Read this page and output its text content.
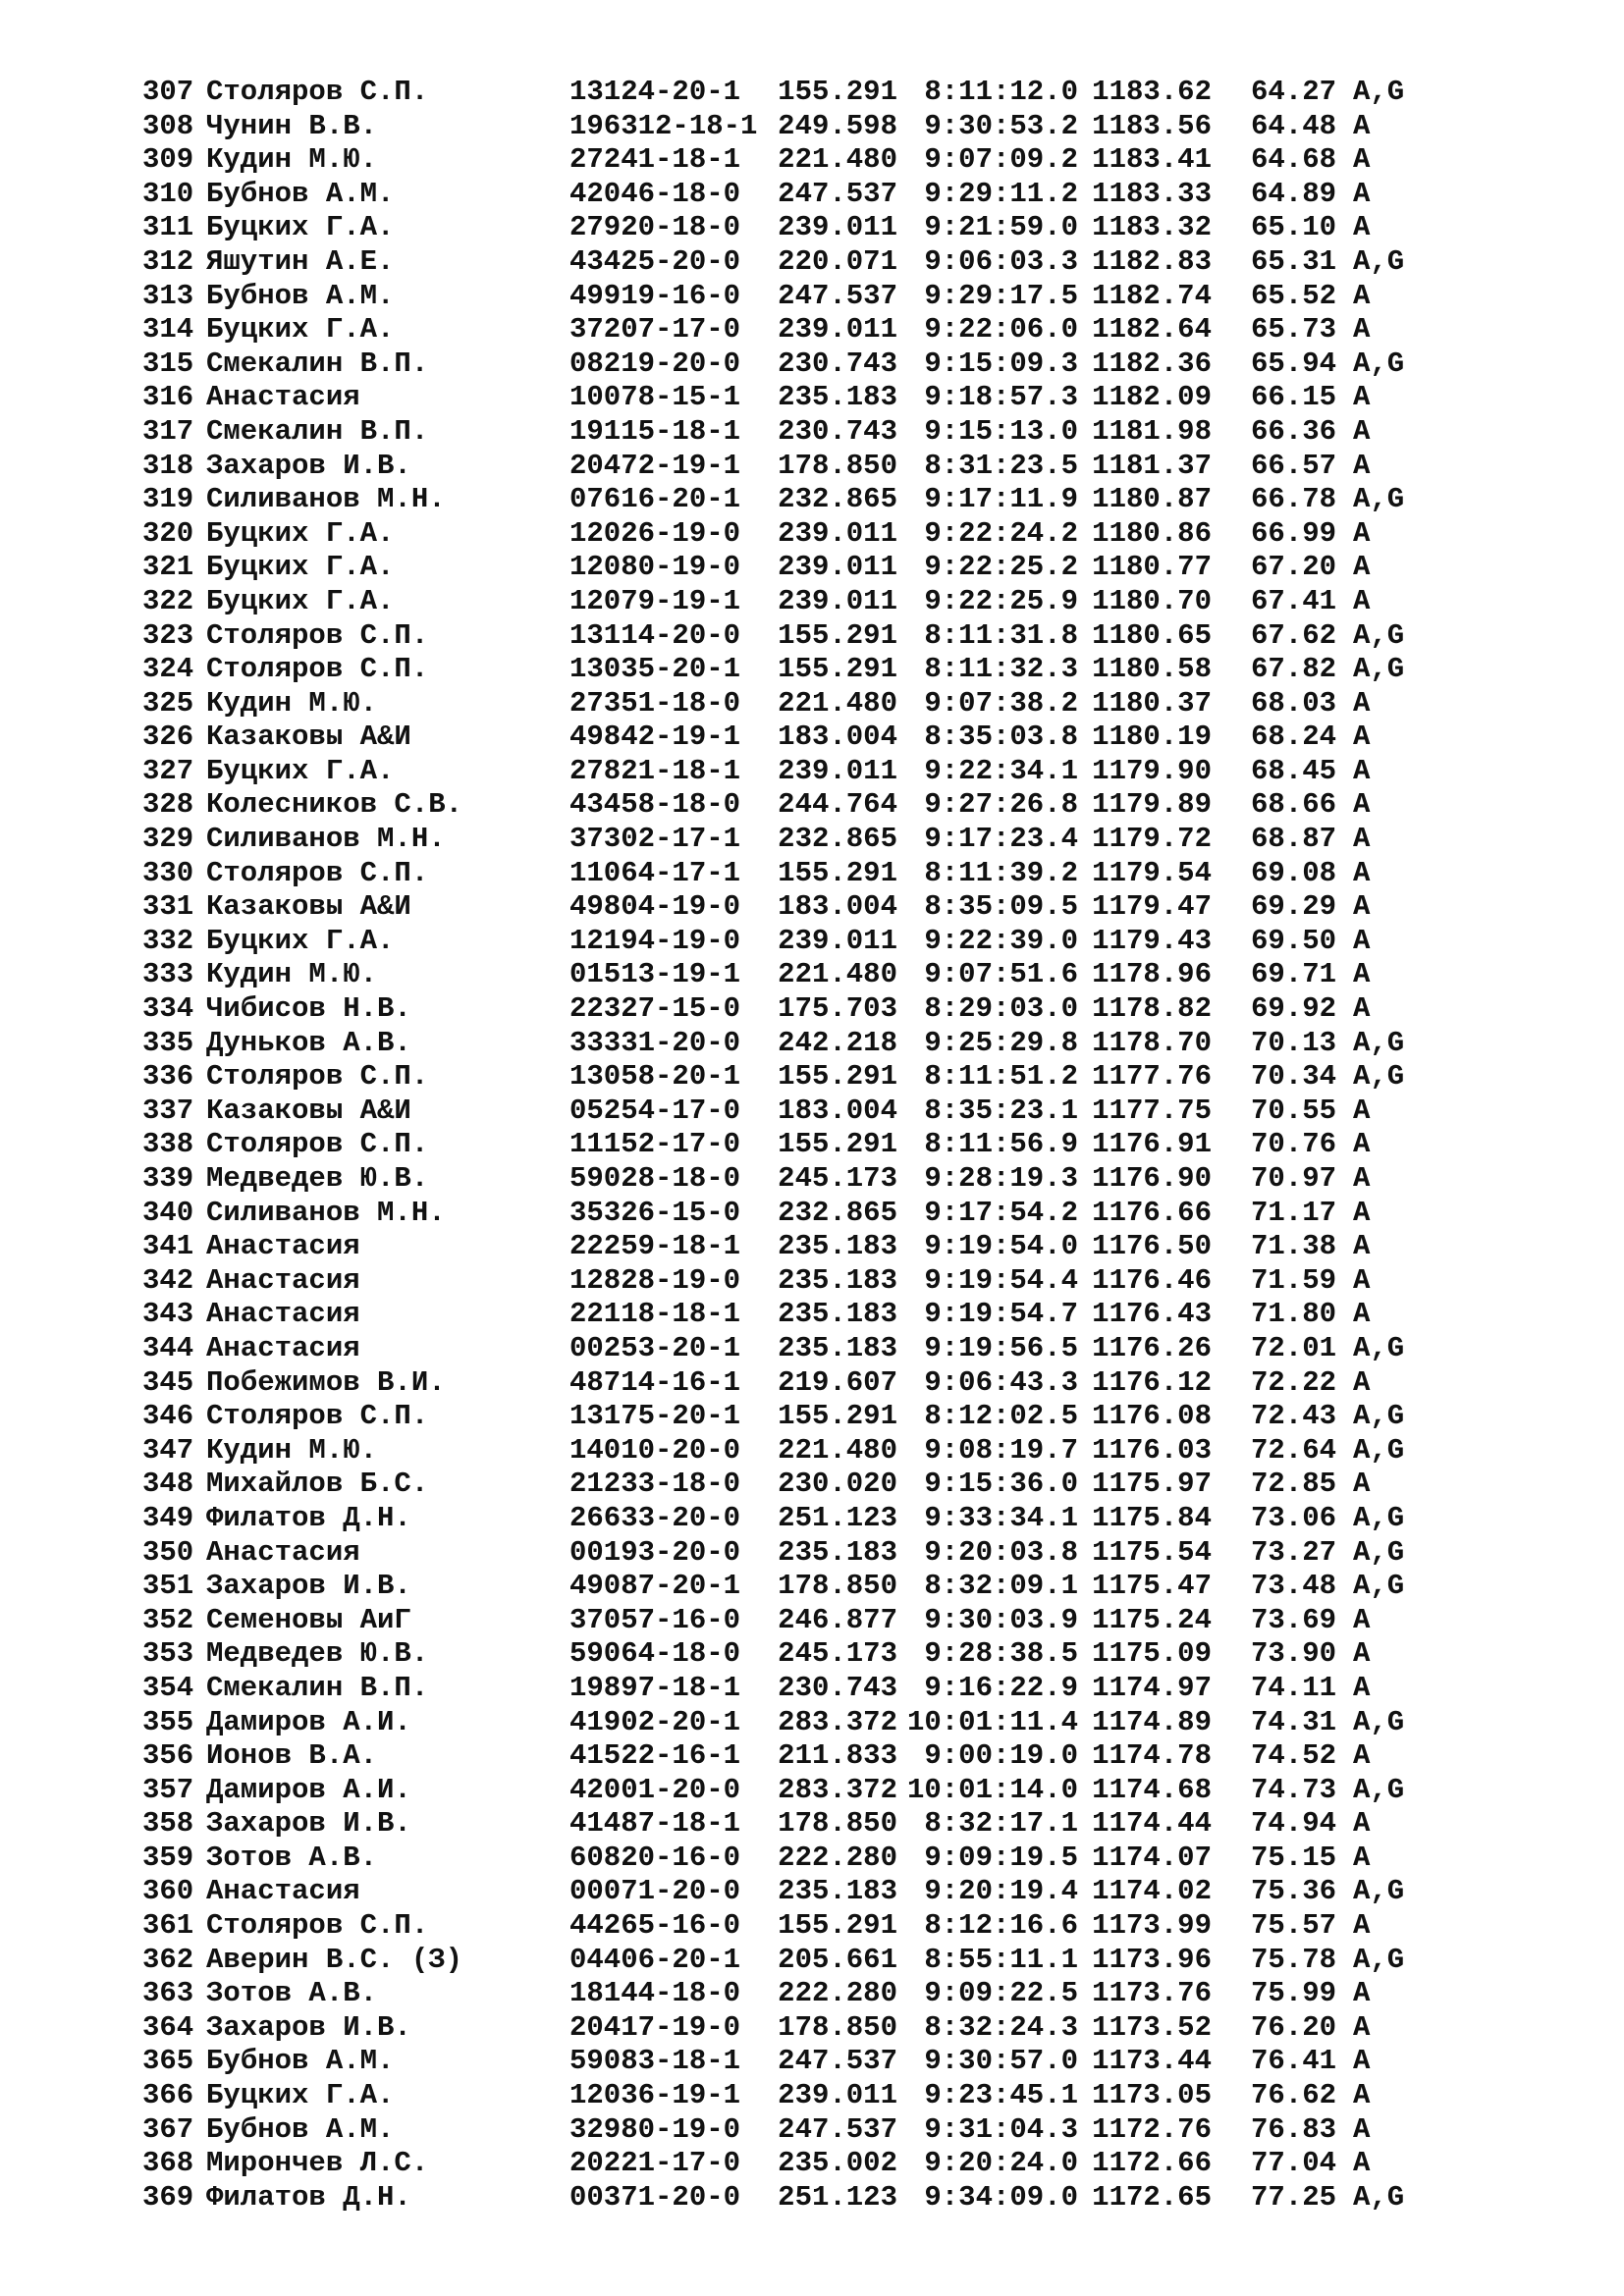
307 Столяров С.П.	13124-20-1 155.291 8:11:12.0 1183.62 64.27 A,G
308 Чунин В.В.	196312-18-1 249.598 9:30:53.2 1183.56 64.48 A
309 Кудин М.Ю.	27241-18-1 221.480 9:07:09.2 1183.41 64.68 A
310 Бубнов А.М.	42046-18-0 247.537 9:29:11.2 1183.33 64.89 A
311 Буцких Г.А.	27920-18-0 239.011 9:21:59.0 1183.32 65.10 A
312 Яшутин А.Е.	43425-20-0 220.071 9:06:03.3 1182.83 65.31 A,G
313 Бубнов А.М.	49919-16-0 247.537 9:29:17.5 1182.74 65.52 A
314 Буцких Г.А.	37207-17-0 239.011 9:22:06.0 1182.64 65.73 A
315 Смекалин В.П.	08219-20-0 230.743 9:15:09.3 1182.36 65.94 A,G
316 Анастасия	10078-15-1 235.183 9:18:57.3 1182.09 66.15 A
317 Смекалин В.П.	19115-18-1 230.743 9:15:13.0 1181.98 66.36 A
318 Захаров И.В.	20472-19-1 178.850 8:31:23.5 1181.37 66.57 A
319 Силиванов М.Н.	07616-20-1 232.865 9:17:11.9 1180.87 66.78 A,G
320 Буцких Г.А.	12026-19-0 239.011 9:22:24.2 1180.86 66.99 A
321 Буцких Г.А.	12080-19-0 239.011 9:22:25.2 1180.77 67.20 A
322 Буцких Г.А.	12079-19-1 239.011 9:22:25.9 1180.70 67.41 A
323 Столяров С.П.	13114-20-0 155.291 8:11:31.8 1180.65 67.62 A,G
324 Столяров С.П.	13035-20-1 155.291 8:11:32.3 1180.58 67.82 A,G
325 Кудин М.Ю.	27351-18-0 221.480 9:07:38.2 1180.37 68.03 A
326 Казаковы А&И	49842-19-1 183.004 8:35:03.8 1180.19 68.24 A
327 Буцких Г.А.	27821-18-1 239.011 9:22:34.1 1179.90 68.45 A
328 Колесников С.В.	43458-18-0 244.764 9:27:26.8 1179.89 68.66 A
329 Силиванов М.Н.	37302-17-1 232.865 9:17:23.4 1179.72 68.87 A
330 Столяров С.П.	11064-17-1 155.291 8:11:39.2 1179.54 69.08 A
331 Казаковы А&И	49804-19-0 183.004 8:35:09.5 1179.47 69.29 A
332 Буцких Г.А.	12194-19-0 239.011 9:22:39.0 1179.43 69.50 A
333 Кудин М.Ю.	01513-19-1 221.480 9:07:51.6 1178.96 69.71 A
334 Чибисов Н.В.	22327-15-0 175.703 8:29:03.0 1178.82 69.92 A
335 Дуньков А.В.	33331-20-0 242.218 9:25:29.8 1178.70 70.13 A,G
336 Столяров С.П.	13058-20-1 155.291 8:11:51.2 1177.76 70.34 A,G
337 Казаковы А&И	05254-17-0 183.004 8:35:23.1 1177.75 70.55 A
338 Столяров С.П.	11152-17-0 155.291 8:11:56.9 1176.91 70.76 A
339 Медведев Ю.В.	59028-18-0 245.173 9:28:19.3 1176.90 70.97 A
340 Силиванов М.Н.	35326-15-0 232.865 9:17:54.2 1176.66 71.17 A
341 Анастасия	22259-18-1 235.183 9:19:54.0 1176.50 71.38 A
342 Анастасия	12828-19-0 235.183 9:19:54.4 1176.46 71.59 A
343 Анастасия	22118-18-1 235.183 9:19:54.7 1176.43 71.80 A
344 Анастасия	00253-20-1 235.183 9:19:56.5 1176.26 72.01 A,G
345 Побежимов В.И.	48714-16-1 219.607 9:06:43.3 1176.12 72.22 A
346 Столяров С.П.	13175-20-1 155.291 8:12:02.5 1176.08 72.43 A,G
347 Кудин М.Ю.	14010-20-0 221.480 9:08:19.7 1176.03 72.64 A,G
348 Михайлов Б.С.	21233-18-0 230.020 9:15:36.0 1175.97 72.85 A
349 Филатов Д.Н.	26633-20-0 251.123 9:33:34.1 1175.84 73.06 A,G
350 Анастасия	00193-20-0 235.183 9:20:03.8 1175.54 73.27 A,G
351 Захаров И.В.	49087-20-1 178.850 8:32:09.1 1175.47 73.48 A,G
352 Семеновы АиГ	37057-16-0 246.877 9:30:03.9 1175.24 73.69 A
353 Медведев Ю.В.	59064-18-0 245.173 9:28:38.5 1175.09 73.90 A
354 Смекалин В.П.	19897-18-1 230.743 9:16:22.9 1174.97 74.11 A
355 Дамиров А.И.	41902-20-1 283.372 10:01:11.4 1174.89 74.31 A,G
356 Ионов В.А.	41522-16-1 211.833 9:00:19.0 1174.78 74.52 A
357 Дамиров А.И.	42001-20-0 283.372 10:01:14.0 1174.68 74.73 A,G
358 Захаров И.В.	41487-18-1 178.850 8:32:17.1 1174.44 74.94 A
359 Зотов А.В.	60820-16-0 222.280 9:09:19.5 1174.07 75.15 A
360 Анастасия	00071-20-0 235.183 9:20:19.4 1174.02 75.36 A,G
361 Столяров С.П.	44265-16-0 155.291 8:12:16.6 1173.99 75.57 A
362 Аверин В.С. (З)	04406-20-1 205.661 8:55:11.1 1173.96 75.78 A,G
363 Зотов А.В.	18144-18-0 222.280 9:09:22.5 1173.76 75.99 A
364 Захаров И.В.	20417-19-0 178.850 8:32:24.3 1173.52 76.20 A
365 Бубнов А.М.	59083-18-1 247.537 9:30:57.0 1173.44 76.41 A
366 Буцких Г.А.	12036-19-1 239.011 9:23:45.1 1173.05 76.62 A
367 Бубнов А.М.	32980-19-0 247.537 9:31:04.3 1172.76 76.83 A
368 Мирончев Л.С.	20221-17-0 235.002 9:20:24.0 1172.66 77.04 A
369 Филатов Д.Н.	00371-20-0 251.123 9:34:09.0 1172.65 77.25 A,G
